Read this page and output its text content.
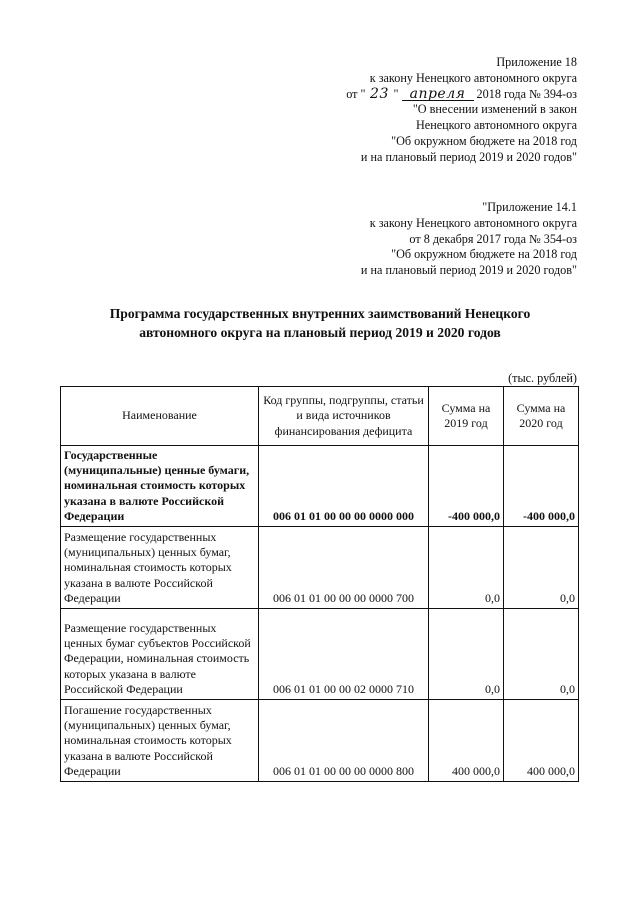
Приложение 18
к закону Ненецкого автономного округа
от " 23 " апреля 2018 года № 394-оз
"О внесении изменений в закон
Ненецкого автономного округа
"Об окружном бюджете на 2018 год
и на плановый период 2019 и 2020 годов"
"Приложение 14.1
к закону Ненецкого автономного округа
от 8 декабря 2017 года № 354-оз
"Об окружном бюджете на 2018 год
и на плановый период 2019 и 2020 годов"
Программа государственных внутренних заимствований Ненецкого
автономного округа на плановый период 2019 и 2020 годов
(тыс. рублей)
Наименование	Код группы, подгруппы, статьи и вида источников финансирования дефицита	Сумма на 2019 год	Сумма на 2020 год
Государственные (муниципальные) ценные бумаги, номинальная стоимость которых указана в валюте Российской Федерации	006 01 01 00 00 00 0000 000	-400 000,0	-400 000,0
Размещение государственных (муниципальных) ценных бумаг, номинальная стоимость которых указана в валюте Российской Федерации	006 01 01 00 00 00 0000 700	0,0	0,0
Размещение государственных ценных бумаг субъектов Российской Федерации, номинальная стоимость которых указана в валюте Российской Федерации	006 01 01 00 00 02 0000 710	0,0	0,0
Погашение государственных (муниципальных) ценных бумаг, номинальная стоимость которых указана в валюте Российской Федерации	006 01 01 00 00 00 0000 800	400 000,0	400 000,0
